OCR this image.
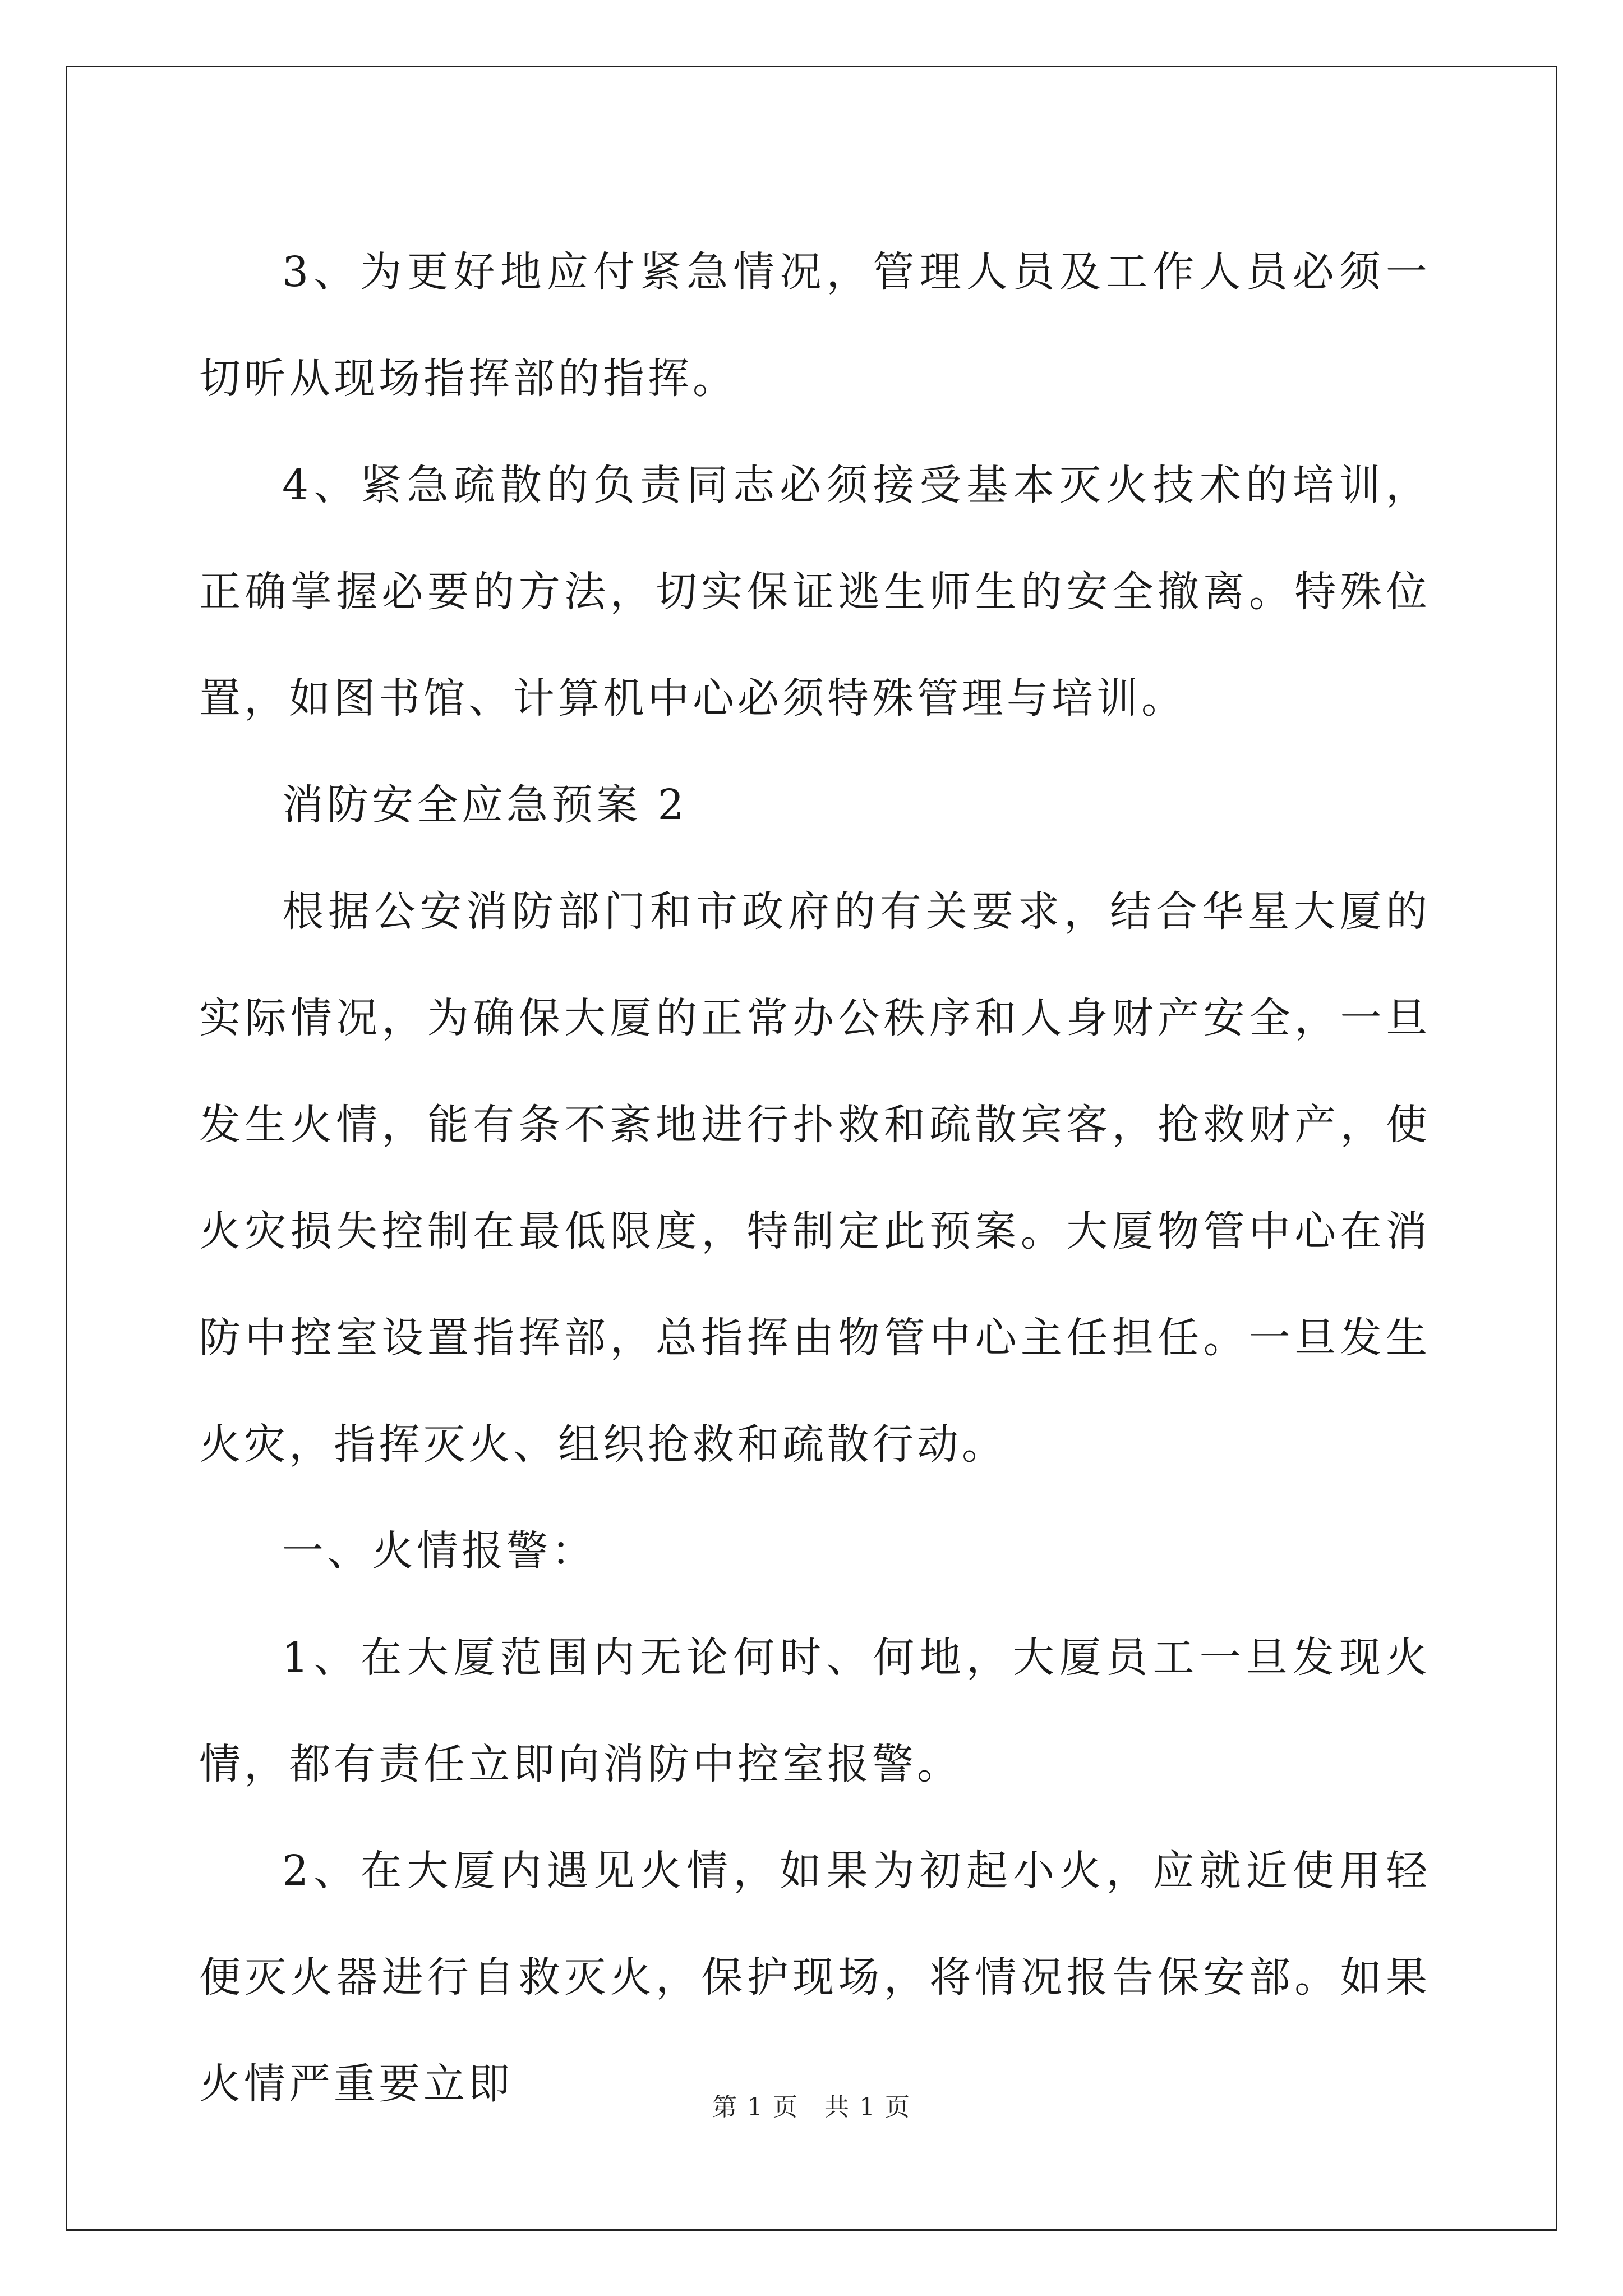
3、为更好地应付紧急情况，管理人员及工作人员必须一切听从现场指挥部的指挥。

4、紧急疏散的负责同志必须接受基本灭火技术的培训，正确掌握必要的方法，切实保证逃生师生的安全撤离。特殊位置，如图书馆、计算机中心必须特殊管理与培训。

消防安全应急预案 2

根据公安消防部门和市政府的有关要求，结合华星大厦的实际情况，为确保大厦的正常办公秩序和人身财产安全，一旦发生火情，能有条不紊地进行扑救和疏散宾客，抢救财产，使火灾损失控制在最低限度，特制定此预案。大厦物管中心在消防中控室设置指挥部，总指挥由物管中心主任担任。一旦发生火灾，指挥灭火、组织抢救和疏散行动。

一、火情报警：

1、在大厦范围内无论何时、何地，大厦员工一旦发现火情，都有责任立即向消防中控室报警。

2、在大厦内遇见火情，如果为初起小火，应就近使用轻便灭火器进行自救灭火，保护现场，将情况报告保安部。如果火情严重要立即	第 1 页　共 1 页
